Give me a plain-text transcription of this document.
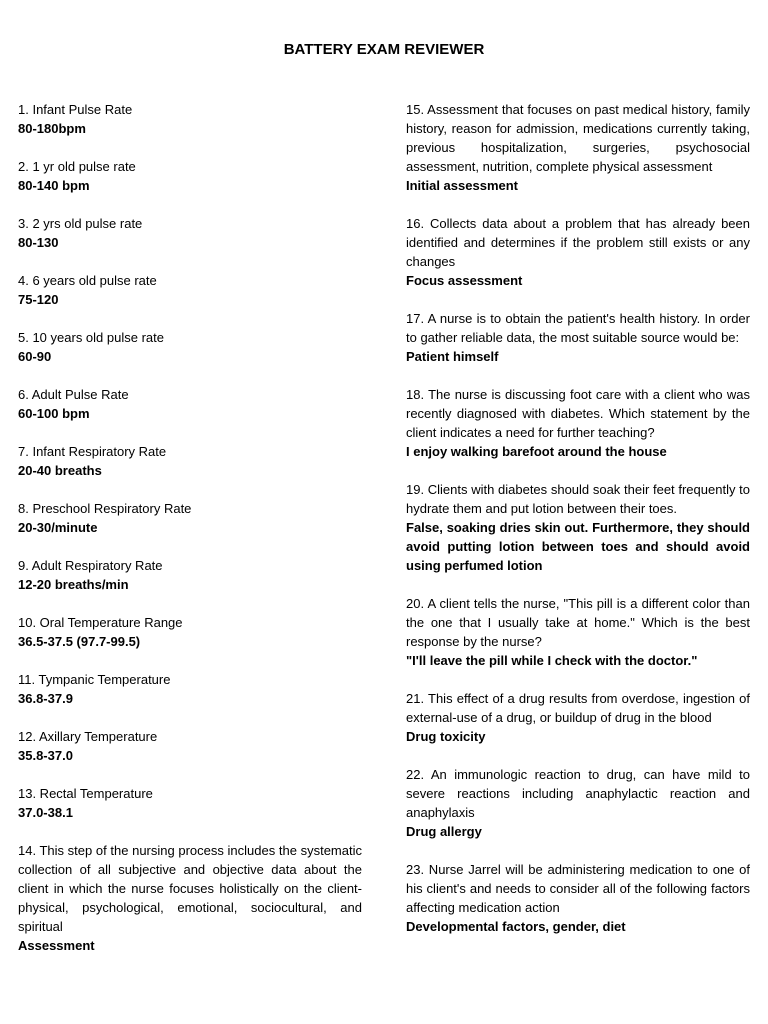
BATTERY EXAM REVIEWER
1. Infant Pulse Rate
80-180bpm
2. 1 yr old pulse rate
80-140 bpm
3. 2 yrs old pulse rate
80-130
4. 6 years old pulse rate
75-120
5. 10 years old pulse rate
60-90
6. Adult Pulse Rate
60-100 bpm
7. Infant Respiratory Rate
20-40 breaths
8. Preschool Respiratory Rate
20-30/minute
9. Adult Respiratory Rate
12-20 breaths/min
10. Oral Temperature Range
36.5-37.5 (97.7-99.5)
11. Tympanic Temperature
36.8-37.9
12. Axillary Temperature
35.8-37.0
13. Rectal Temperature
37.0-38.1
14. This step of the nursing process includes the systematic collection of all subjective and objective data about the client in which the nurse focuses holistically on the client-physical, psychological, emotional, sociocultural, and spiritual
Assessment
15. Assessment that focuses on past medical history, family history, reason for admission, medications currently taking, previous hospitalization, surgeries, psychosocial assessment, nutrition, complete physical assessment
Initial assessment
16. Collects data about a problem that has already been identified and determines if the problem still exists or any changes
Focus assessment
17. A nurse is to obtain the patient's health history. In order to gather reliable data, the most suitable source would be:
Patient himself
18. The nurse is discussing foot care with a client who was recently diagnosed with diabetes. Which statement by the client indicates a need for further teaching?
I enjoy walking barefoot around the house
19. Clients with diabetes should soak their feet frequently to hydrate them and put lotion between their toes.
False, soaking dries skin out. Furthermore, they should avoid putting lotion between toes and should avoid using perfumed lotion
20. A client tells the nurse, "This pill is a different color than the one that I usually take at home." Which is the best response by the nurse?
"I'll leave the pill while I check with the doctor."
21. This effect of a drug results from overdose, ingestion of external-use of a drug, or buildup of drug in the blood
Drug toxicity
22. An immunologic reaction to drug, can have mild to severe reactions including anaphylactic reaction and anaphylaxis
Drug allergy
23. Nurse Jarrel will be administering medication to one of his client's and needs to consider all of the following factors affecting medication action
Developmental factors, gender, diet
